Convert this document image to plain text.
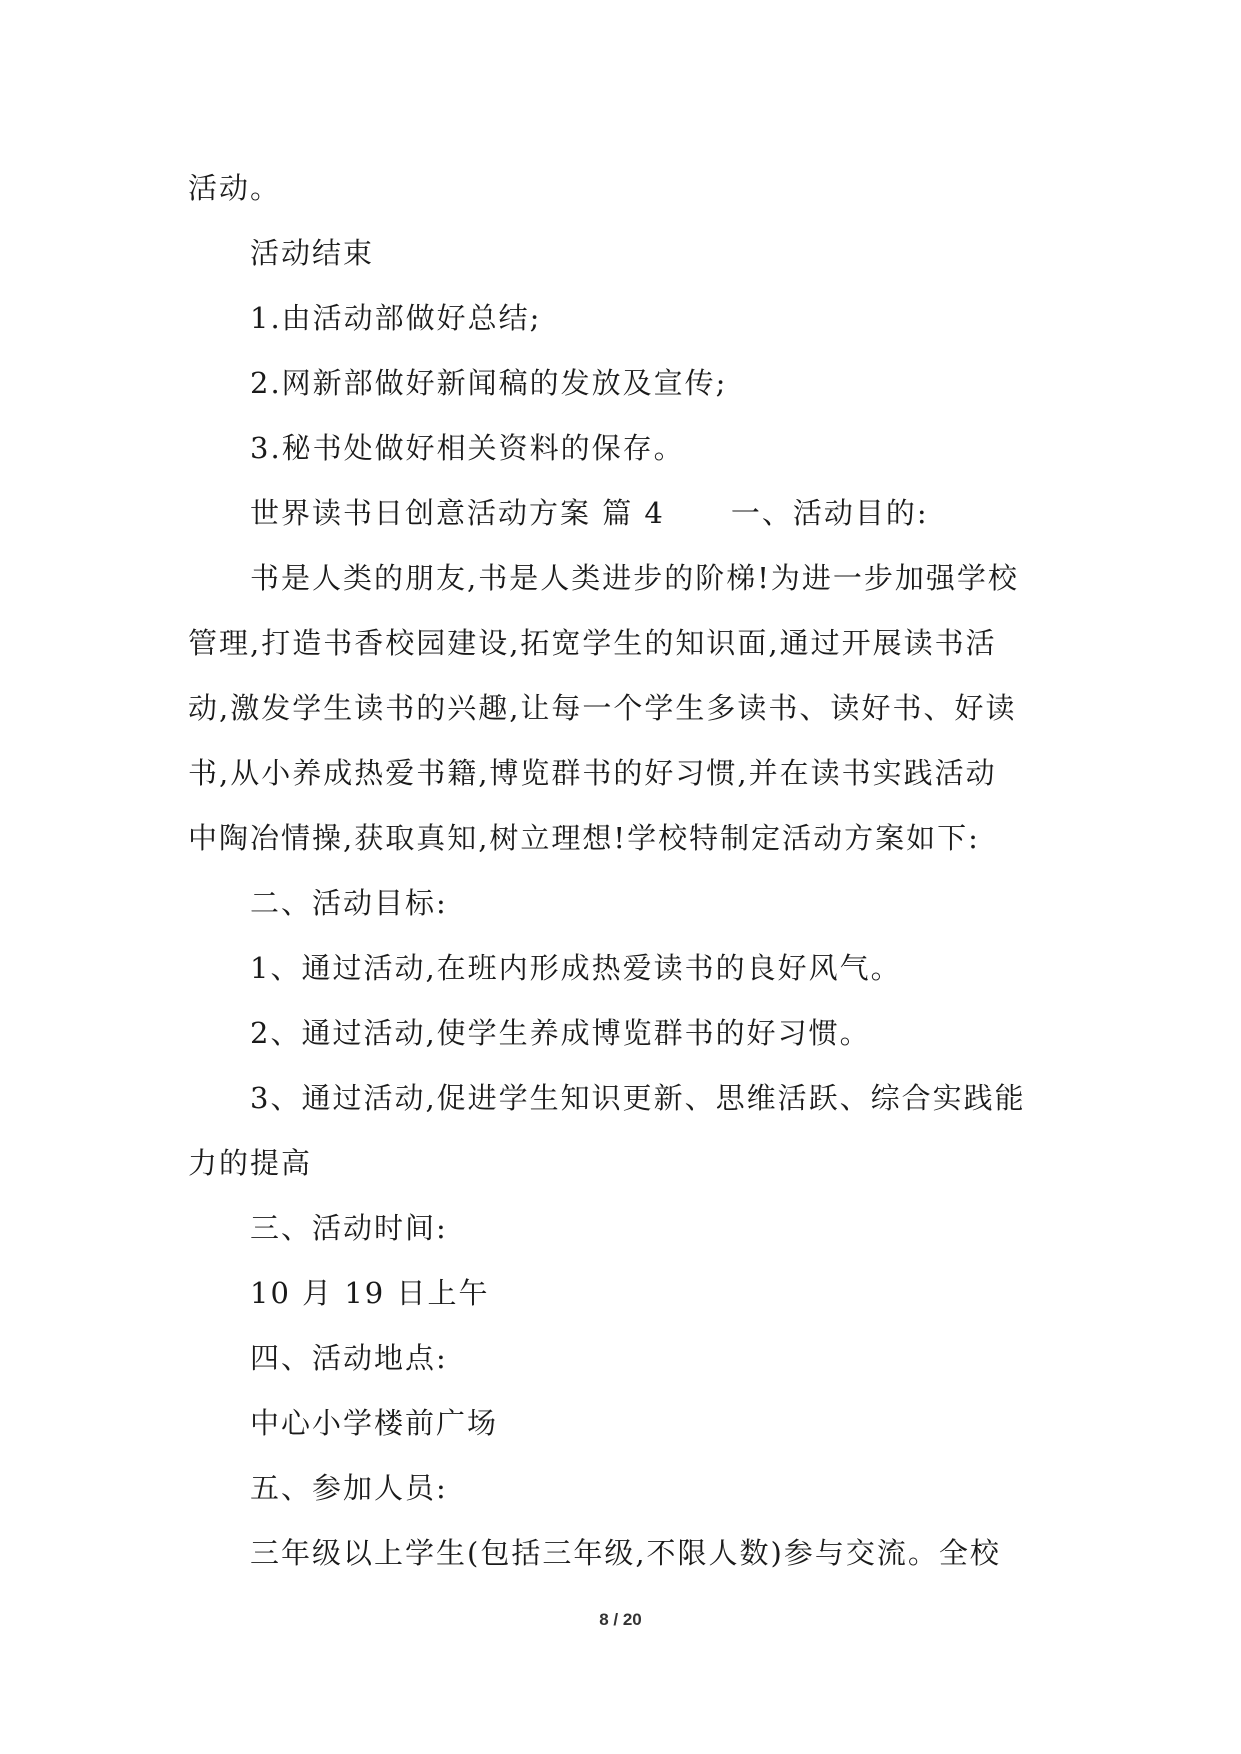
活动。
活动结束
1.由活动部做好总结;
2.网新部做好新闻稿的发放及宣传;
3.秘书处做好相关资料的保存。
世界读书日创意活动方案 篇 4 一、活动目的:
书是人类的朋友,书是人类进步的阶梯!为进一步加强学校
管理,打造书香校园建设,拓宽学生的知识面,通过开展读书活
动,激发学生读书的兴趣,让每一个学生多读书、读好书、好读
书,从小养成热爱书籍,博览群书的好习惯,并在读书实践活动
中陶冶情操,获取真知,树立理想!学校特制定活动方案如下:
二、活动目标:
1、通过活动,在班内形成热爱读书的良好风气。
2、通过活动,使学生养成博览群书的好习惯。
3、通过活动,促进学生知识更新、思维活跃、综合实践能
力的提高
三、活动时间:
10 月 19 日上午
四、活动地点:
中心小学楼前广场
五、参加人员:
三年级以上学生(包括三年级,不限人数)参与交流。全校
8 / 20
